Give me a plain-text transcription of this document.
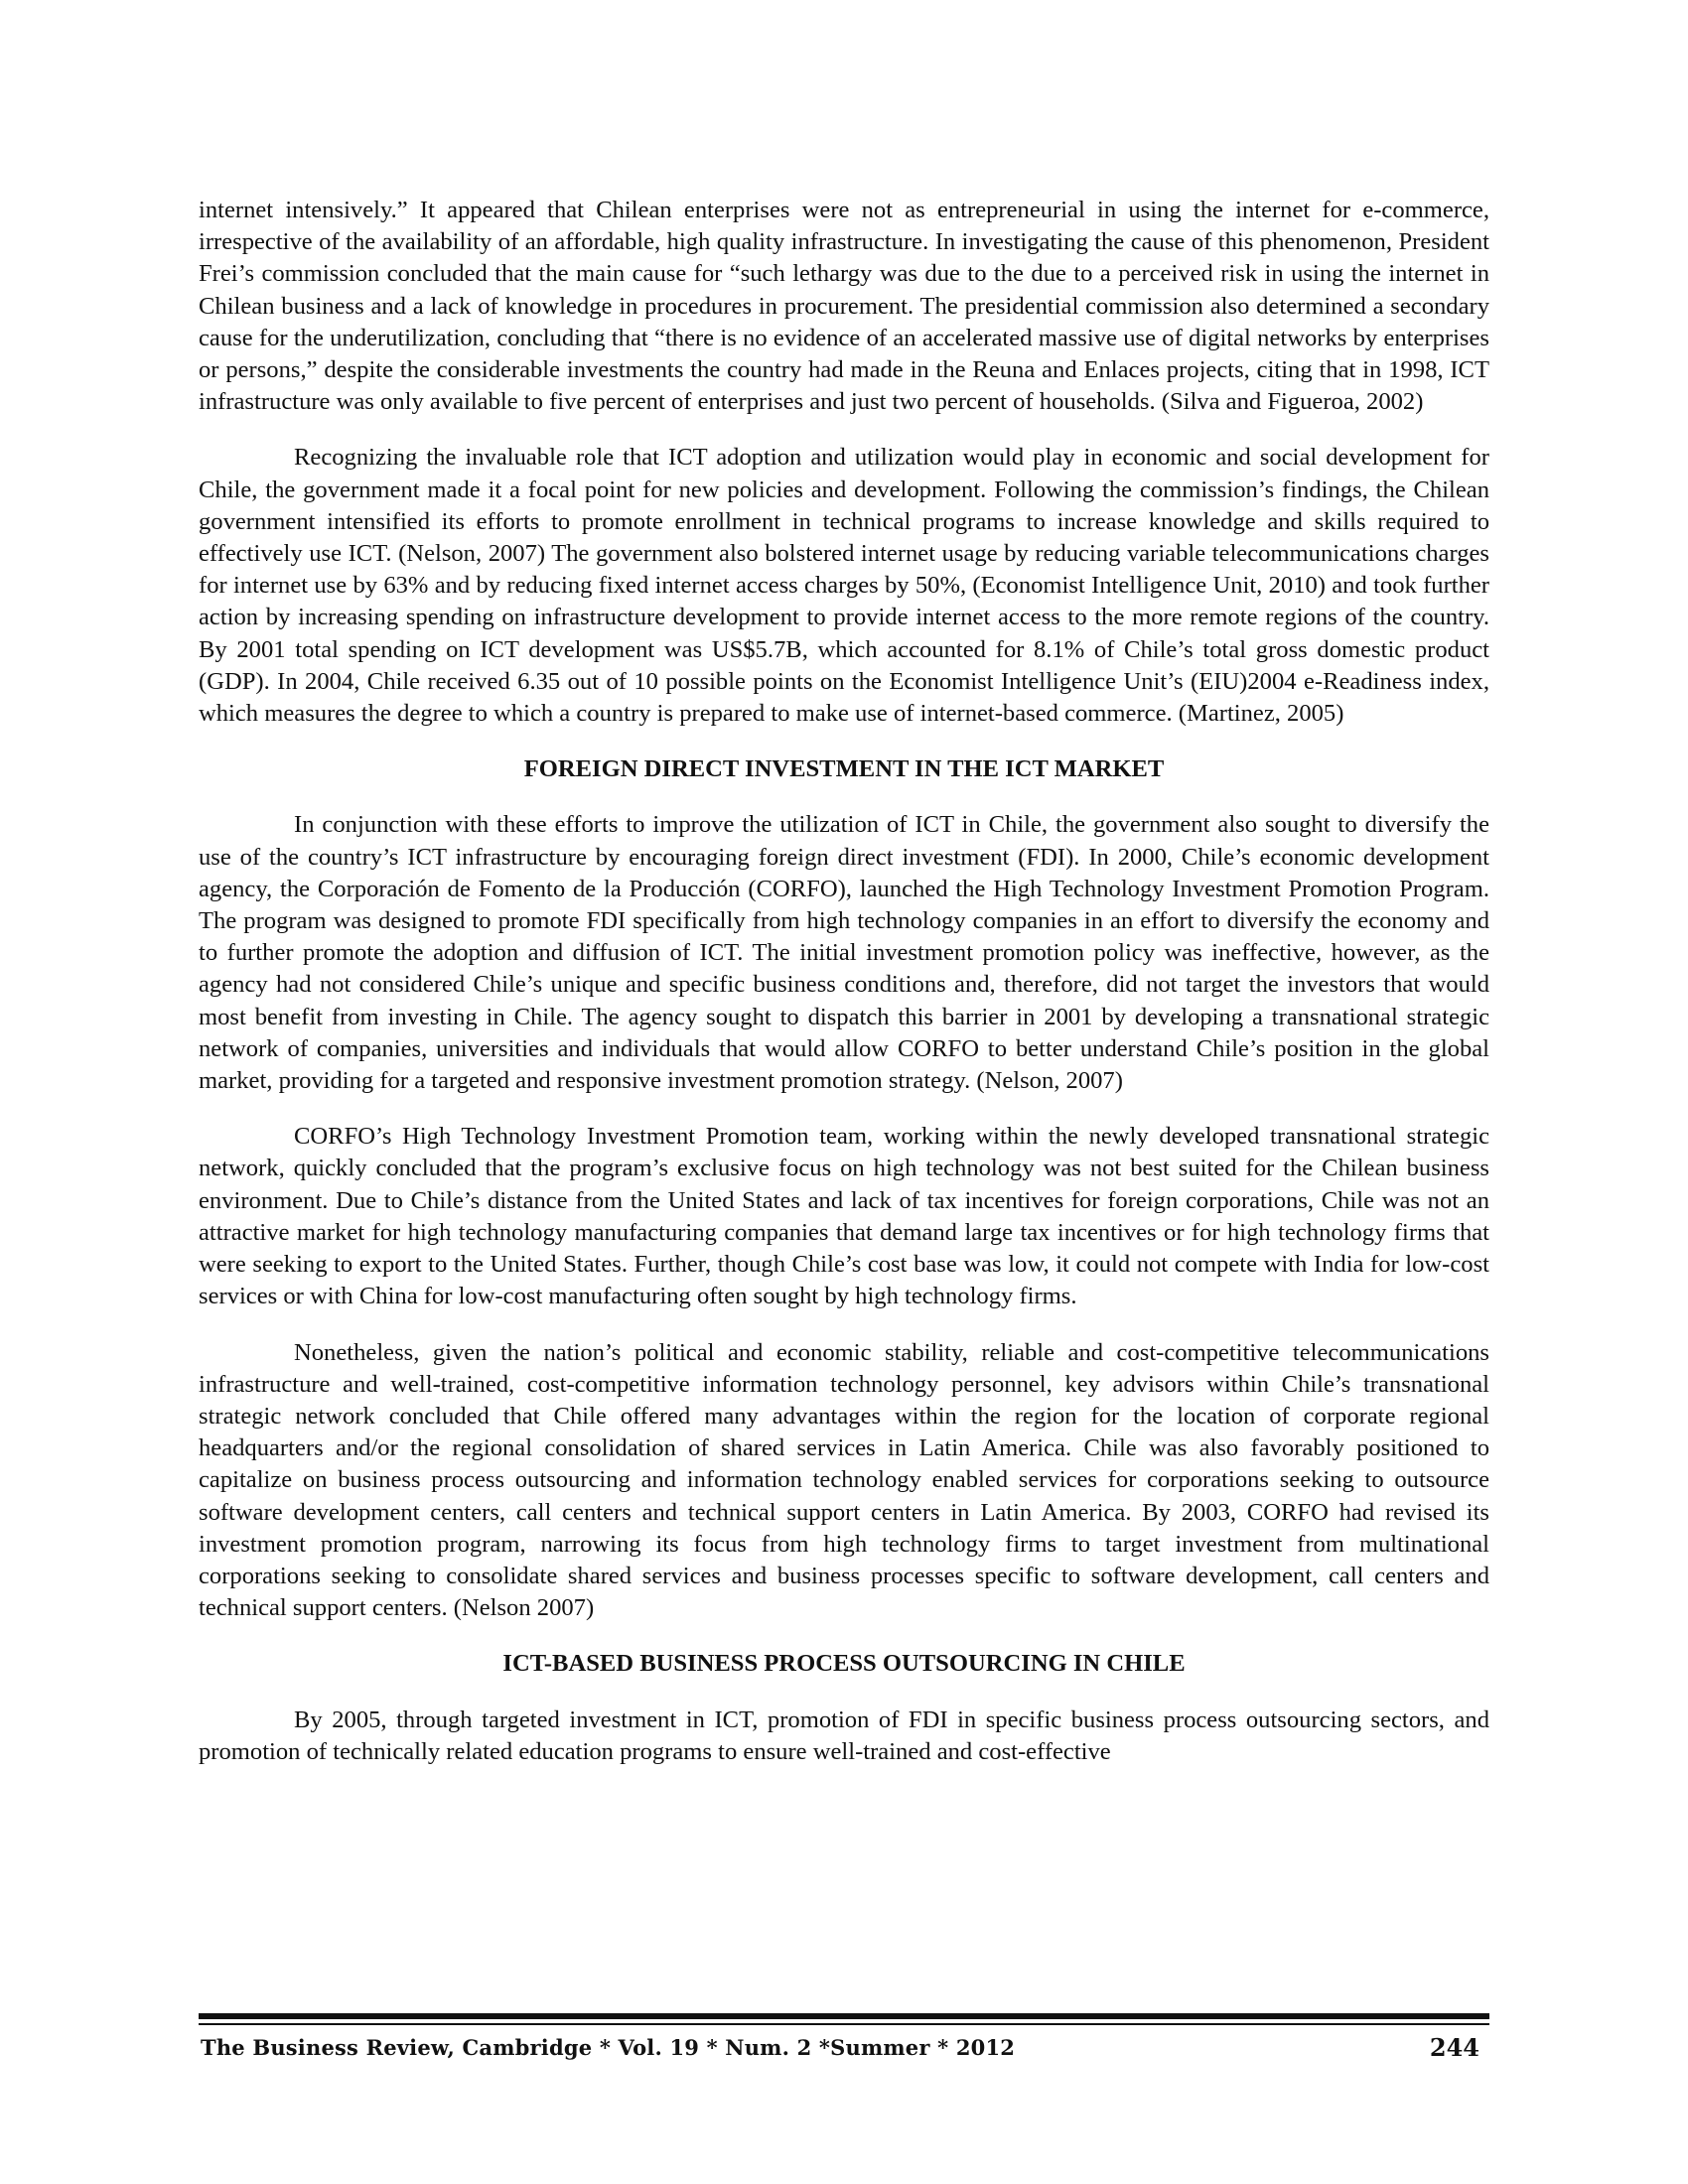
internet intensively.” It appeared that Chilean enterprises were not as entrepreneurial in using the internet for e-commerce, irrespective of the availability of an affordable, high quality infrastructure. In investigating the cause of this phenomenon, President Frei’s commission concluded that the main cause for “such lethargy was due to the due to a perceived risk in using the internet in Chilean business and a lack of knowledge in procedures in procurement. The presidential commission also determined a secondary cause for the underutilization, concluding that “there is no evidence of an accelerated massive use of digital networks by enterprises or persons,” despite the considerable investments the country had made in the Reuna and Enlaces projects, citing that in 1998, ICT infrastructure was only available to five percent of enterprises and just two percent of households. (Silva and Figueroa, 2002)

Recognizing the invaluable role that ICT adoption and utilization would play in economic and social development for Chile, the government made it a focal point for new policies and development. Following the commission’s findings, the Chilean government intensified its efforts to promote enrollment in technical programs to increase knowledge and skills required to effectively use ICT. (Nelson, 2007) The government also bolstered internet usage by reducing variable telecommunications charges for internet use by 63% and by reducing fixed internet access charges by 50%, (Economist Intelligence Unit, 2010) and took further action by increasing spending on infrastructure development to provide internet access to the more remote regions of the country. By 2001 total spending on ICT development was US$5.7B, which accounted for 8.1% of Chile’s total gross domestic product (GDP). In 2004, Chile received 6.35 out of 10 possible points on the Economist Intelligence Unit’s (EIU)2004 e-Readiness index, which measures the degree to which a country is prepared to make use of internet-based commerce. (Martinez, 2005)

FOREIGN DIRECT INVESTMENT IN THE ICT MARKET

In conjunction with these efforts to improve the utilization of ICT in Chile, the government also sought to diversify the use of the country’s ICT infrastructure by encouraging foreign direct investment (FDI). In 2000, Chile’s economic development agency, the Corporación de Fomento de la Producción (CORFO), launched the High Technology Investment Promotion Program. The program was designed to promote FDI specifically from high technology companies in an effort to diversify the economy and to further promote the adoption and diffusion of ICT. The initial investment promotion policy was ineffective, however, as the agency had not considered Chile’s unique and specific business conditions and, therefore, did not target the investors that would most benefit from investing in Chile. The agency sought to dispatch this barrier in 2001 by developing a transnational strategic network of companies, universities and individuals that would allow CORFO to better understand Chile’s position in the global market, providing for a targeted and responsive investment promotion strategy. (Nelson, 2007)

CORFO’s High Technology Investment Promotion team, working within the newly developed transnational strategic network, quickly concluded that the program’s exclusive focus on high technology was not best suited for the Chilean business environment. Due to Chile’s distance from the United States and lack of tax incentives for foreign corporations, Chile was not an attractive market for high technology manufacturing companies that demand large tax incentives or for high technology firms that were seeking to export to the United States. Further, though Chile’s cost base was low, it could not compete with India for low-cost services or with China for low-cost manufacturing often sought by high technology firms.

Nonetheless, given the nation’s political and economic stability, reliable and cost-competitive telecommunications infrastructure and well-trained, cost-competitive information technology personnel, key advisors within Chile’s transnational strategic network concluded that Chile offered many advantages within the region for the location of corporate regional headquarters and/or the regional consolidation of shared services in Latin America. Chile was also favorably positioned to capitalize on business process outsourcing and information technology enabled services for corporations seeking to outsource software development centers, call centers and technical support centers in Latin America. By 2003, CORFO had revised its investment promotion program, narrowing its focus from high technology firms to target investment from multinational corporations seeking to consolidate shared services and business processes specific to software development, call centers and technical support centers. (Nelson 2007)

ICT-BASED BUSINESS PROCESS OUTSOURCING IN CHILE

By 2005, through targeted investment in ICT, promotion of FDI in specific business process outsourcing sectors, and promotion of technically related education programs to ensure well-trained and cost-effective

The Business Review, Cambridge * Vol. 19 * Num. 2 *Summer * 2012	244
